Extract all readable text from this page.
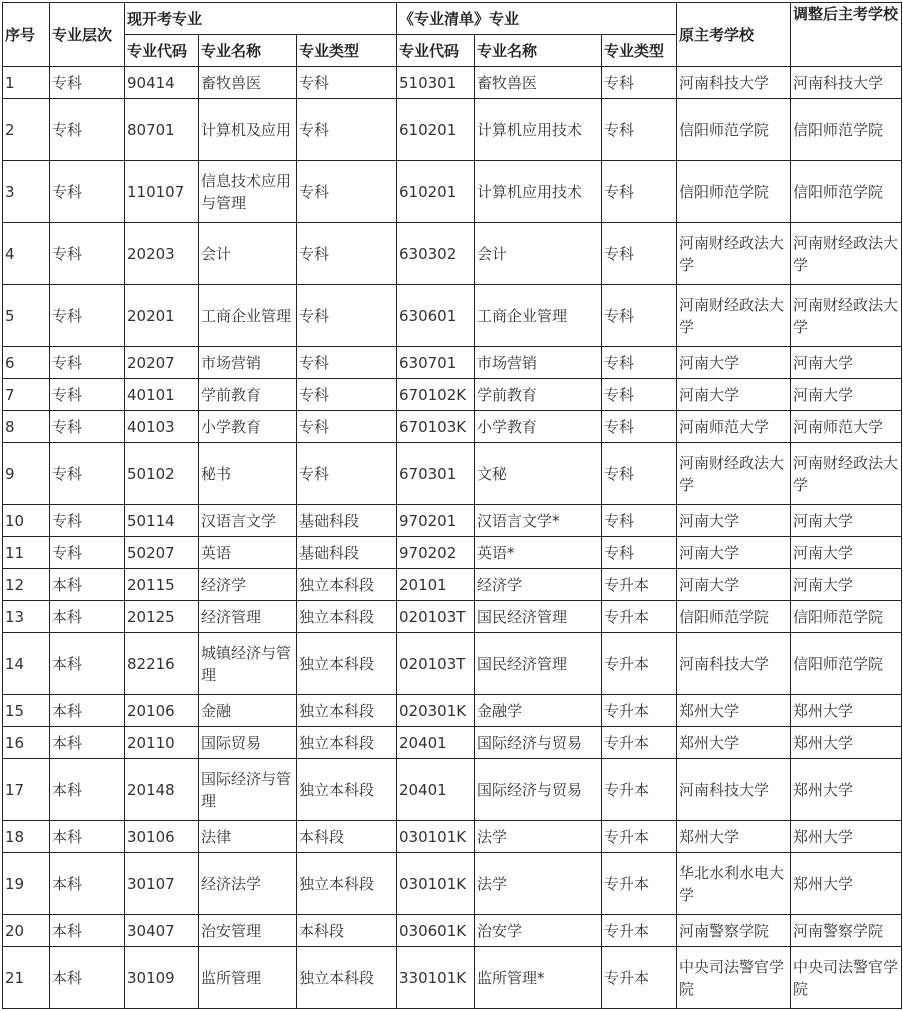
序号	专业层次	现开考专业			《专业清单》专业			原主考学校	调整后主考学校
		专业代码	专业名称	专业类型	专业代码	专业名称	专业类型		
1	专科	90414	畜牧兽医	专科	510301	畜牧兽医	专科	河南科技大学	河南科技大学
2	专科	80701	计算机及应用	专科	610201	计算机应用技术	专科	信阳师范学院	信阳师范学院
3	专科	110107	信息技术应用与管理	专科	610201	计算机应用技术	专科	信阳师范学院	信阳师范学院
4	专科	20203	会计	专科	630302	会计	专科	河南财经政法大学	河南财经政法大学
5	专科	20201	工商企业管理	专科	630601	工商企业管理	专科	河南财经政法大学	河南财经政法大学
6	专科	20207	市场营销	专科	630701	市场营销	专科	河南大学	河南大学
7	专科	40101	学前教育	专科	670102K	学前教育	专科	河南大学	河南大学
8	专科	40103	小学教育	专科	670103K	小学教育	专科	河南师范大学	河南师范大学
9	专科	50102	秘书	专科	670301	文秘	专科	河南财经政法大学	河南财经政法大学
10	专科	50114	汉语言文学	基础科段	970201	汉语言文学*	专科	河南大学	河南大学
11	专科	50207	英语	基础科段	970202	英语*	专科	河南大学	河南大学
12	本科	20115	经济学	独立本科段	20101	经济学	专升本	河南大学	河南大学
13	本科	20125	经济管理	独立本科段	020103T	国民经济管理	专升本	信阳师范学院	信阳师范学院
14	本科	82216	城镇经济与管理	独立本科段	020103T	国民经济管理	专升本	河南科技大学	信阳师范学院
15	本科	20106	金融	独立本科段	020301K	金融学	专升本	郑州大学	郑州大学
16	本科	20110	国际贸易	独立本科段	20401	国际经济与贸易	专升本	郑州大学	郑州大学
17	本科	20148	国际经济与管理	独立本科段	20401	国际经济与贸易	专升本	河南科技大学	郑州大学
18	本科	30106	法律	本科段	030101K	法学	专升本	郑州大学	郑州大学
19	本科	30107	经济法学	独立本科段	030101K	法学	专升本	华北水利水电大学	郑州大学
20	本科	30407	治安管理	本科段	030601K	治安学	专升本	河南警察学院	河南警察学院
21	本科	30109	监所管理	独立本科段	330101K	监所管理*	专升本	中央司法警官学院	中央司法警官学院
